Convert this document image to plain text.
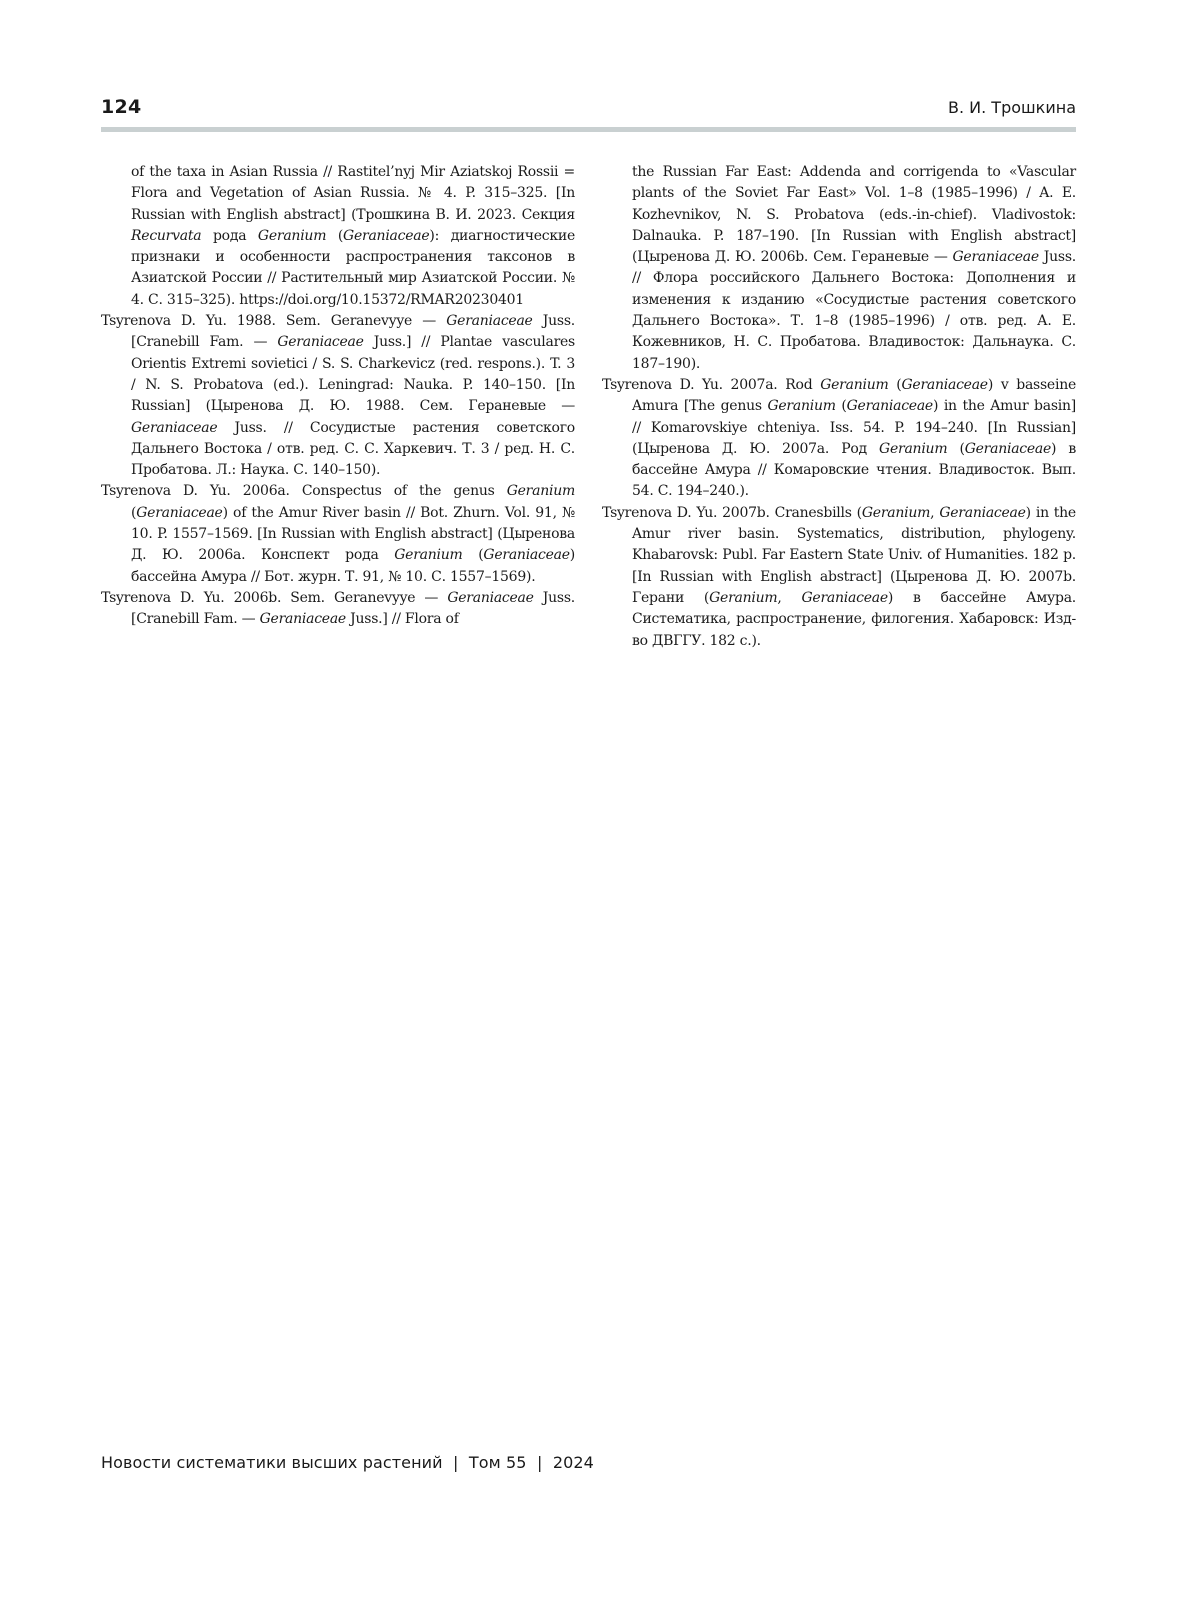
124	В. И. Трошкина

of the taxa in Asian Russia // Rastitel’nyj Mir Aziatskoj Rossii = Flora and Vegetation of Asian Russia. № 4. P. 315–325. [In Russian with English abstract] (Трошкина В. И. 2023. Секция Recurvata рода Geranium (Geraniaceae): диагностические признаки и особенности распространения таксонов в Азиатской России // Растительный мир Азиатской России. № 4. С. 315–325). https://doi.org/10.15372/RMAR20230401

Tsyrenova D. Yu. 1988. Sem. Geranevyye — Geraniaceae Juss. [Cranebill Fam. — Geraniaceae Juss.] // Plantae vasculares Orientis Extremi sovietici / S. S. Charkevicz (red. respons.). T. 3 / N. S. Probatova (ed.). Leningrad: Nauka. P. 140–150. [In Russian] (Цыренова Д. Ю. 1988. Сем. Гераневые — Geraniaceae Juss. // Сосудистые растения советского Дальнего Востока / отв. ред. С. С. Харкевич. Т. 3 / ред. Н. С. Пробатова. Л.: Наука. С. 140–150).

Tsyrenova D. Yu. 2006a. Conspectus of the genus Geranium (Geraniaceae) of the Amur River basin // Bot. Zhurn. Vol. 91, № 10. P. 1557–1569. [In Russian with English abstract] (Цыренова Д. Ю. 2006a. Конспект рода Geranium (Geraniaceae) бассейна Амура // Бот. журн. Т. 91, № 10. С. 1557–1569).

Tsyrenova D. Yu. 2006b. Sem. Geranevyye — Geraniaceae Juss. [Cranebill Fam. — Geraniaceae Juss.] // Flora of

the Russian Far East: Addenda and corrigenda to «Vascular plants of the Soviet Far East» Vol. 1–8 (1985–1996) / A. E. Kozhevnikov, N. S. Probatova (eds.-in-chief). Vladivostok: Dalnauka. P. 187–190. [In Russian with English abstract] (Цыренова Д. Ю. 2006b. Сем. Гераневые — Geraniaceae Juss. // Флора российского Дальнего Востока: Дополнения и изменения к изданию «Сосудистые растения советского Дальнего Востока». Т. 1–8 (1985–1996) / отв. ред. А. Е. Кожевников, Н. С. Пробатова. Владивосток: Дальнаука. С. 187–190).

Tsyrenova D. Yu. 2007a. Rod Geranium (Geraniaceae) v basseine Amura [The genus Geranium (Geraniaceae) in the Amur basin] // Komarovskiye chteniya. Iss. 54. P. 194–240. [In Russian] (Цыренова Д. Ю. 2007a. Род Geranium (Geraniaceae) в бассейне Амура // Комаровские чтения. Владивосток. Вып. 54. С. 194–240.).

Tsyrenova D. Yu. 2007b. Cranesbills (Geranium, Geraniaceae) in the Amur river basin. Systematics, distribution, phylogeny. Khabarovsk: Publ. Far Eastern State Univ. of Humanities. 182 p. [In Russian with English abstract] (Цыренова Д. Ю. 2007b. Герани (Geranium, Geraniaceae) в бассейне Амура. Систематика, распространение, филогения. Хабаровск: Изд-во ДВГГУ. 182 с.).

Новости систематики высших растений  |  Том 55  |  2024
